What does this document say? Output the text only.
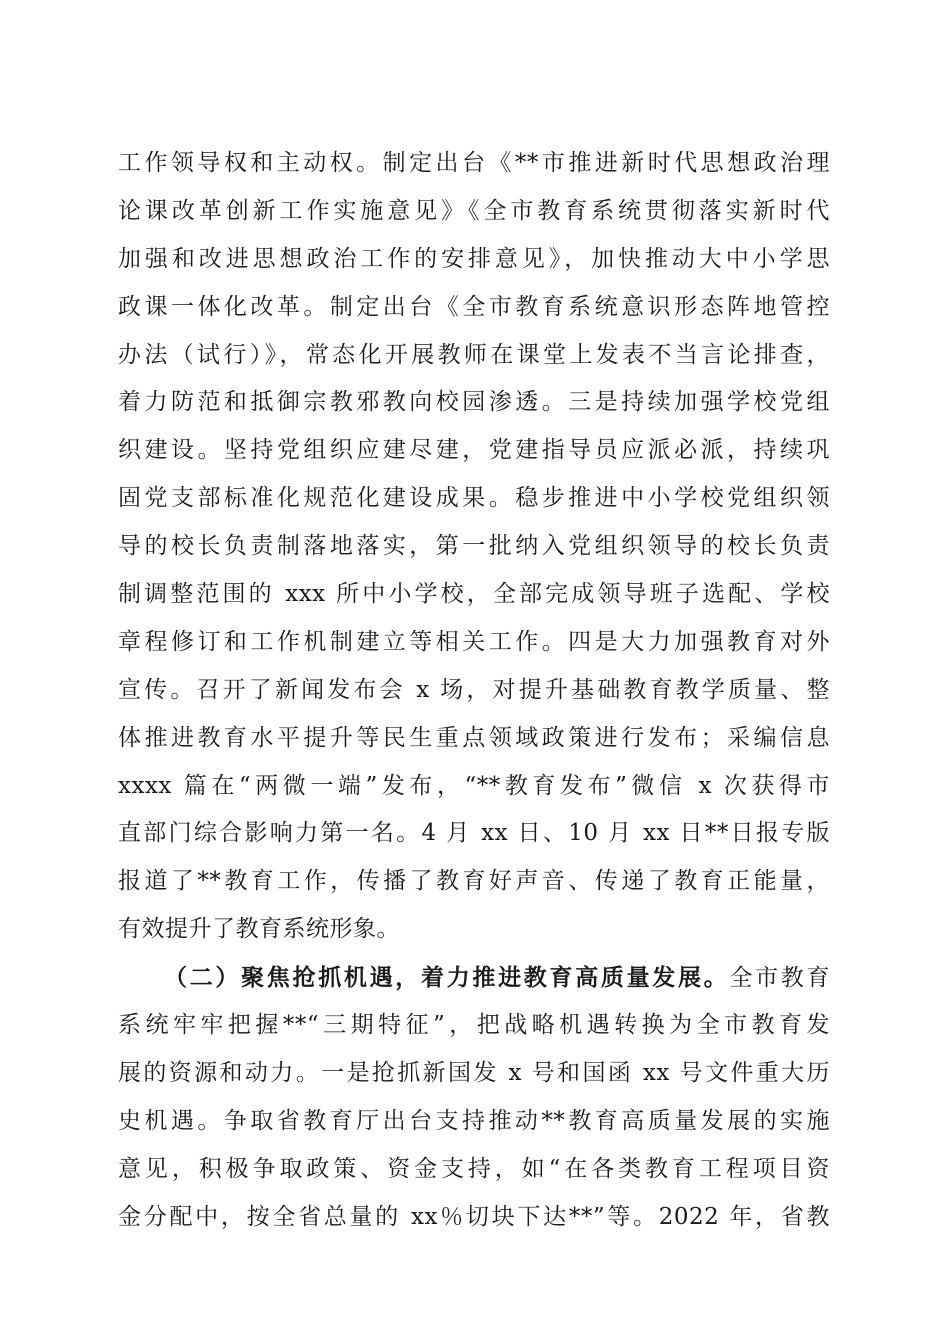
工作领导权和主动权。制定出台《**市推进新时代思想政治理
论课改革创新工作实施意见》《全市教育系统贯彻落实新时代
加强和改进思想政治工作的安排意见》，加快推动大中小学思
政课一体化改革。制定出台《全市教育系统意识形态阵地管控
办法（试行）》，常态化开展教师在课堂上发表不当言论排查，
着力防范和抵御宗教邪教向校园渗透。三是持续加强学校党组
织建设。坚持党组织应建尽建，党建指导员应派必派，持续巩
固党支部标准化规范化建设成果。稳步推进中小学校党组织领
导的校长负责制落地落实，第一批纳入党组织领导的校长负责
制调整范围的 xxx 所中小学校，全部完成领导班子选配、学校
章程修订和工作机制建立等相关工作。四是大力加强教育对外
宣传。召开了新闻发布会 x 场，对提升基础教育教学质量、整
体推进教育水平提升等民生重点领域政策进行发布；采编信息
xxxx 篇在“两微一端”发布，“**教育发布”微信 x 次获得市
直部门综合影响力第一名。4 月 xx 日、10 月 xx 日**日报专版
报道了**教育工作，传播了教育好声音、传递了教育正能量，
有效提升了教育系统形象。
（二）聚焦抢抓机遇，着力推进教育高质量发展。全市教育
系统牢牢把握**“三期特征”，把战略机遇转换为全市教育发
展的资源和动力。一是抢抓新国发 x 号和国函 xx 号文件重大历
史机遇。争取省教育厅出台支持推动**教育高质量发展的实施
意见，积极争取政策、资金支持，如“在各类教育工程项目资
金分配中，按全省总量的 xx％切块下达**”等。2022 年，省教
